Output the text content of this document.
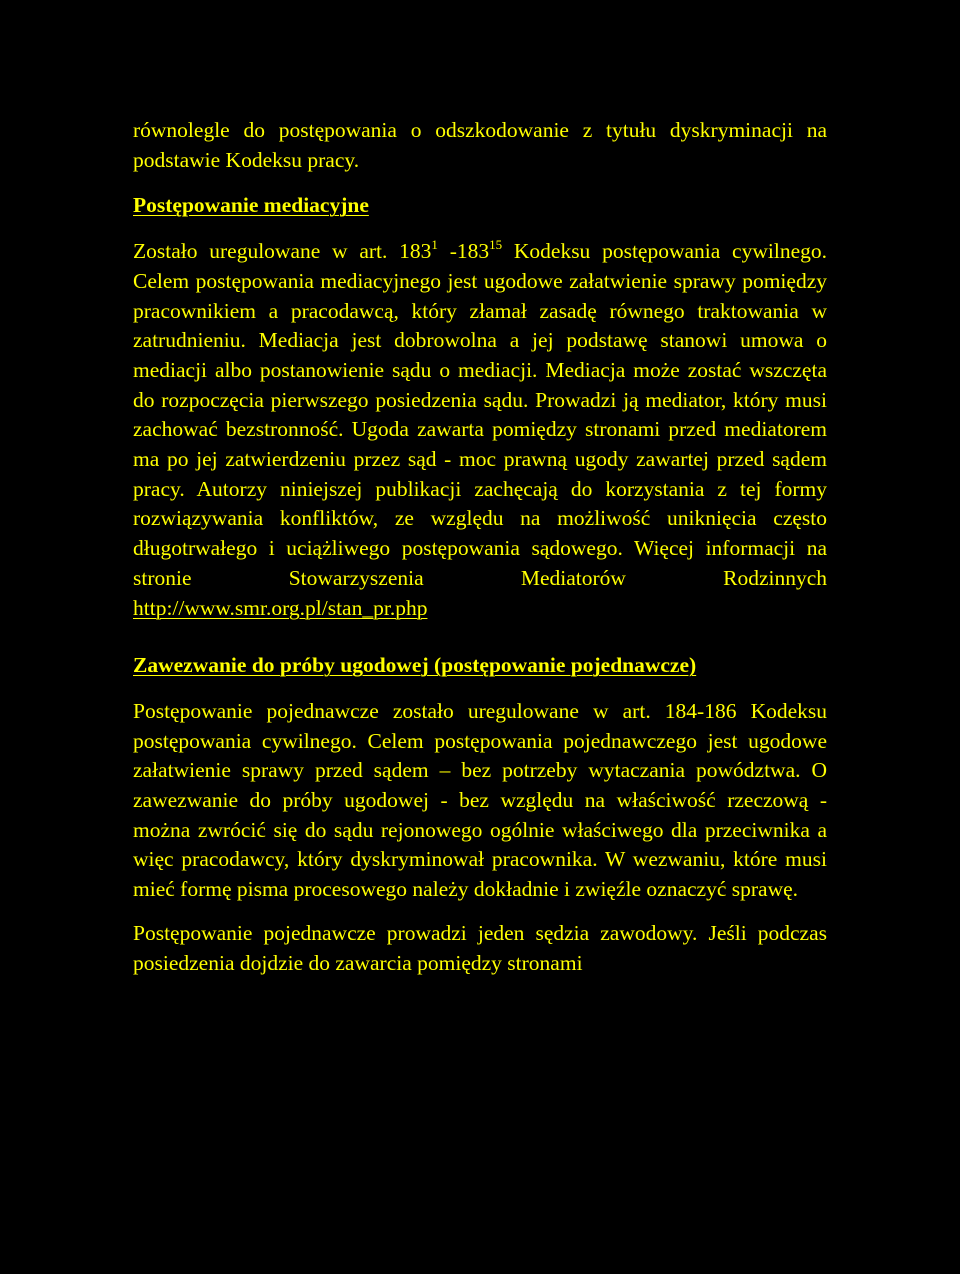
równolegle do postępowania o odszkodowanie z tytułu dyskryminacji na podstawie Kodeksu pracy.

Postępowanie mediacyjne

Zostało uregulowane w art. $183^1$ $-183^{15}$ Kodeksu postępowania cywilnego. Celem postępowania mediacyjnego jest ugodowe załatwienie sprawy pomiędzy pracownikiem a pracodawcą, który złamał zasadę równego traktowania w zatrudnieniu. Mediacja jest dobrowolna a jej podstawę stanowi umowa o mediacji albo postanowienie sądu o mediacji. Mediacja może zostać wszczęta do rozpoczęcia pierwszego posiedzenia sądu. Prowadzi ją mediator, który musi zachować bezstronność. Ugoda zawarta pomiędzy stronami przed mediatorem ma po jej zatwierdzeniu przez sąd - moc prawną ugody zawartej przed sądem pracy. Autorzy niniejszej publikacji zachęcają do korzystania z tej formy rozwiązywania konfliktów, ze względu na możliwość uniknięcia często długotrwałego i uciążliwego postępowania sądowego. Więcej informacji na stronie Stowarzyszenia Mediatorów Rodzinnych http://www.smr.org.pl/stan_pr.php

Zawezwanie do próby ugodowej (postępowanie pojednawcze)

Postępowanie pojednawcze zostało uregulowane w art. 184-186 Kodeksu postępowania cywilnego. Celem postępowania pojednawczego jest ugodowe załatwienie sprawy przed sądem – bez potrzeby wytaczania powództwa. O zawezwanie do próby ugodowej - bez względu na właściwość rzeczową - można zwrócić się do sądu rejonowego ogólnie właściwego dla przeciwnika a więc pracodawcy, który dyskryminował pracownika. W wezwaniu, które musi mieć formę pisma procesowego należy dokładnie i zwięźle oznaczyć sprawę.

Postępowanie pojednawcze prowadzi jeden sędzia zawodowy. Jeśli podczas posiedzenia dojdzie do zawarcia pomiędzy stronami
